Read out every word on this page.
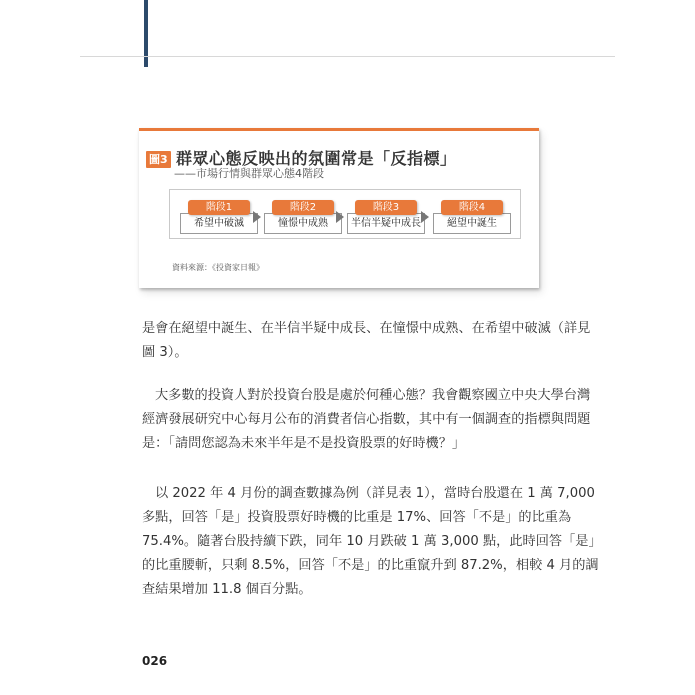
圖3 群眾心態反映出的氛圍常是「反指標」
——市場行情與群眾心態4階段
希望中破滅
階段1
憧憬中成熟
階段2
半信半疑中成長
階段3
絕望中誕生
階段4
資料來源：《投資家日報》

是會在絕望中誕生、在半信半疑中成長、在憧憬中成熟、在希望中破滅（詳見

圖 3）。

大多數的投資人對於投資台股是處於何種心態？我會觀察國立中央大學台灣

經濟發展研究中心每月公布的消費者信心指數，其中有一個調查的指標與問題

是：「請問您認為未來半年是不是投資股票的好時機？」

以 2022 年 4 月份的調查數據為例（詳見表 1），當時台股還在 1 萬 7,000

多點，回答「是」投資股票好時機的比重是 17%、回答「不是」的比重為

75.4%。隨著台股持續下跌，同年 10 月跌破 1 萬 3,000 點，此時回答「是」

的比重腰斬，只剩 8.5%，回答「不是」的比重竄升到 87.2%，相較 4 月的調

查結果增加 11.8 個百分點。

026
